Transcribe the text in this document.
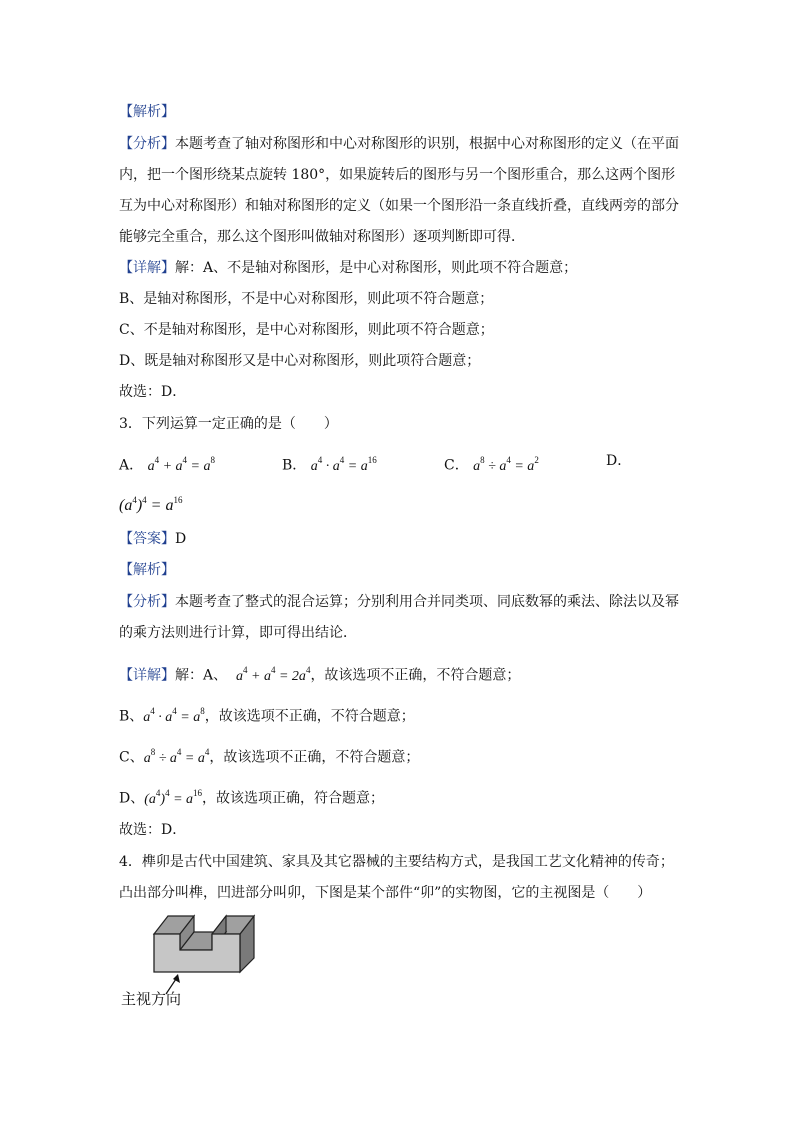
【解析】
【分析】本题考查了轴对称图形和中心对称图形的识别，根据中心对称图形的定义（在平面
内，把一个图形绕某点旋转 180°，如果旋转后的图形与另一个图形重合，那么这两个图形
互为中心对称图形）和轴对称图形的定义（如果一个图形沿一条直线折叠，直线两旁的部分
能够完全重合，那么这个图形叫做轴对称图形）逐项判断即可得．
【详解】解：A、不是轴对称图形，是中心对称图形，则此项不符合题意；
B、是轴对称图形，不是中心对称图形，则此项不符合题意；
C、不是轴对称图形，是中心对称图形，则此项不符合题意；
D、既是轴对称图形又是中心对称图形，则此项符合题意；
故选：D．
3．下列运算一定正确的是（　　）
A． $a^4 + a^4 = a^8$	B． $a^4 \cdot a^4 = a^{16}$	C． $a^8 \div a^4 = a^2$	D．
$(a^4)^4 = a^{16}$
【答案】D
【解析】
【分析】本题考查了整式的混合运算；分别利用合并同类项、同底数幂的乘法、除法以及幂
的乘方法则进行计算，即可得出结论．
【详解】解：A、 $a^4 + a^4 = 2a^4$，故该选项不正确，不符合题意；
B、$a^4 \cdot a^4 = a^8$，故该选项不正确，不符合题意；
C、$a^8 \div a^4 = a^4$，故该选项不正确，不符合题意；
D、$(a^4)^4 = a^{16}$，故该选项正确，符合题意；
故选：D．
4．榫卯是古代中国建筑、家具及其它器械的主要结构方式，是我国工艺文化精神的传奇；
凸出部分叫榫，凹进部分叫卯，下图是某个部件“卯”的实物图，它的主视图是（　　）
主视方向
